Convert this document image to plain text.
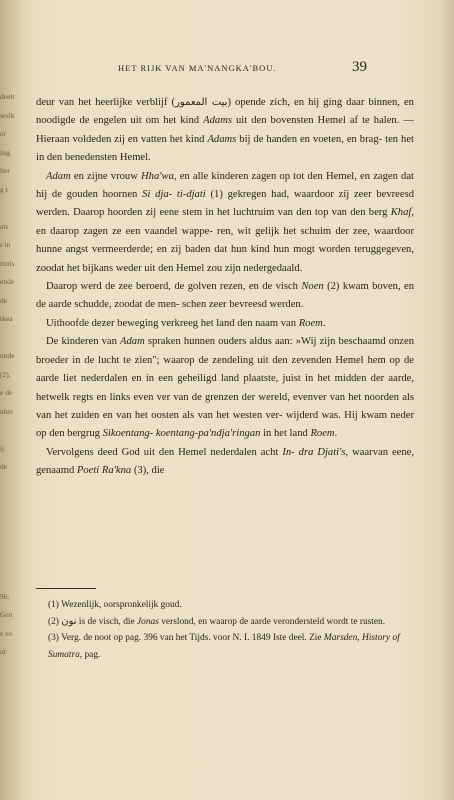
deelt
welk
er
ing.
lter
g t
ats
r in
mnis
ende
de
tkea
onde
(2),
e de
ulen
ij
de
96.
Gen
s vo
ur
HET RIJK VAN MA'NANGKA'BOU.	39

deur van het heerlijke verblijf (بيت المعمور) opende zich, en hij ging daar binnen, en noodigde de engelen uit om het kind Adams uit den bovensten Hemel af te halen. — Hieraan voldeden zij en vatten het kind Adams bij de handen en voeten, en brag- ten het in den benedensten Hemel.

Adam en zijne vrouw Hha'wa, en alle kinderen zagen op tot den Hemel, en zagen dat hij de gouden hoornen Si dja- ti-djati (1) gekregen had, waardoor zij zeer bevreesd werden. Daarop hoorden zij eene stem in het luchtruim van den top van den berg Khaf, en daarop zagen ze een vaandel wappe- ren, wit gelijk het schuim der zee, waardoor hunne angst vermeerderde; en zij baden dat hun kind hun mogt worden teruggegeven, zoodat het bijkans weder uit den Hemel zou zijn nedergedaald.

Daarop werd de zee beroerd, de golven rezen, en de visch Noen (2) kwam boven, en de aarde schudde, zoodat de men- schen zeer bevreesd werden.

Uithoofde dezer beweging verkreeg het land den naam van Roem.

De kinderen van Adam spraken hunnen ouders aldus aan: »Wij zijn beschaamd onzen broeder in de lucht te zien"; waarop de zendeling uit den zevenden Hemel hem op de aarde liet nederdalen en in een geheiligd land plaatste, juist in het midden der aarde, hetwelk regts en links even ver van de grenzen der wereld, evenver van het noorden als van het zuiden en van het oosten als van het westen ver- wijderd was. Hij kwam neder op den bergrug Sikoentang- koentang-pa'ndja'ringan in het land Roem.

Vervolgens deed God uit den Hemel nederdalen acht In- dra Djati's, waarvan eene, genaamd Poeti Ra'kna (3), die

(1) Wezenlijk, oorspronkelijk goud.
(2) نون is de visch, die Jonas verslond, en waarop de aarde verondersteld wordt te rusten.
(3) Verg. de noot op pag. 396 van het Tijds. voor N. I. 1849 Iste deel. Zie Marsden, History of Sumatra, pag.
